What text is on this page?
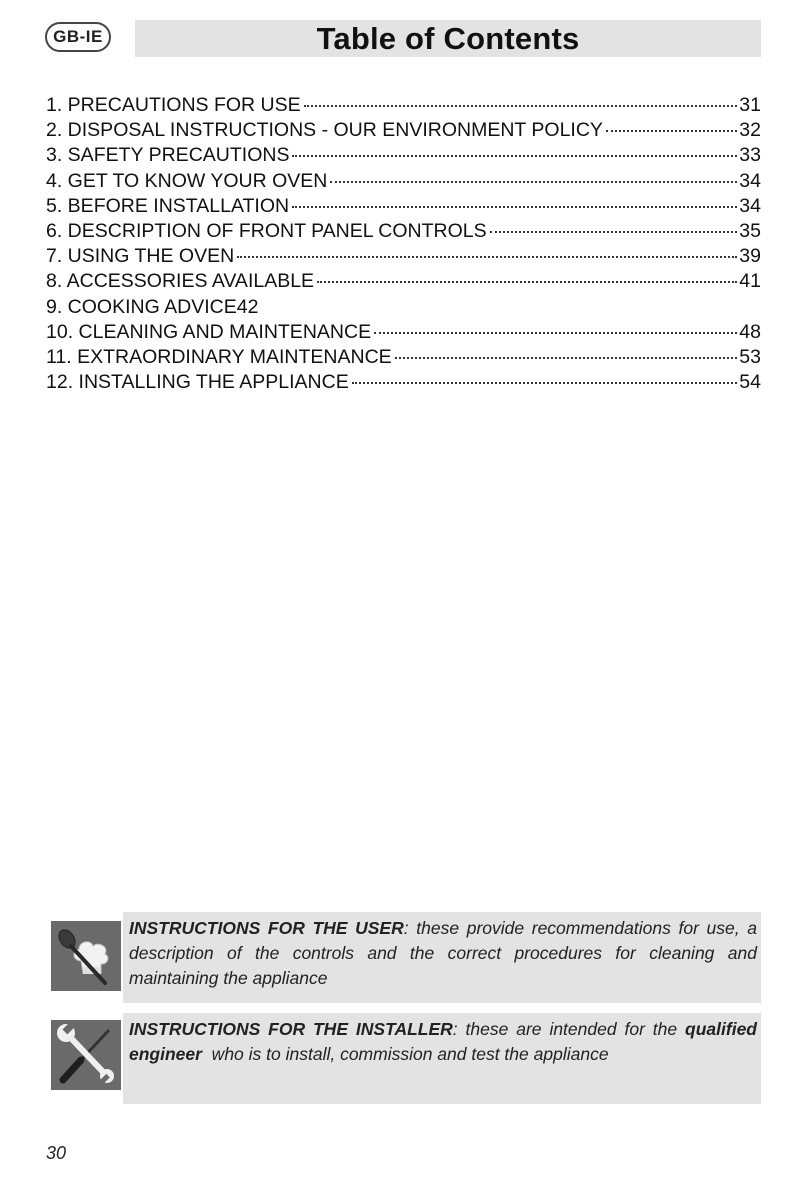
GB-IE	Table of Contents
1. PRECAUTIONS FOR USE	31
2. DISPOSAL INSTRUCTIONS - OUR ENVIRONMENT POLICY	32
3. SAFETY PRECAUTIONS	33
4. GET TO KNOW YOUR OVEN	34
5. BEFORE INSTALLATION	34
6. DESCRIPTION OF FRONT PANEL CONTROLS	35
7. USING THE OVEN	39
8. ACCESSORIES AVAILABLE	41
9. COOKING ADVICE 42
10. CLEANING AND MAINTENANCE	48
11. EXTRAORDINARY MAINTENANCE	53
12. INSTALLING THE APPLIANCE	54
INSTRUCTIONS FOR THE USER: these provide recommendations for use, a description of the controls and the correct procedures for cleaning and maintaining the appliance
INSTRUCTIONS FOR THE INSTALLER: these are intended for the qualified engineer  who is to install, commission and test the appliance
30
